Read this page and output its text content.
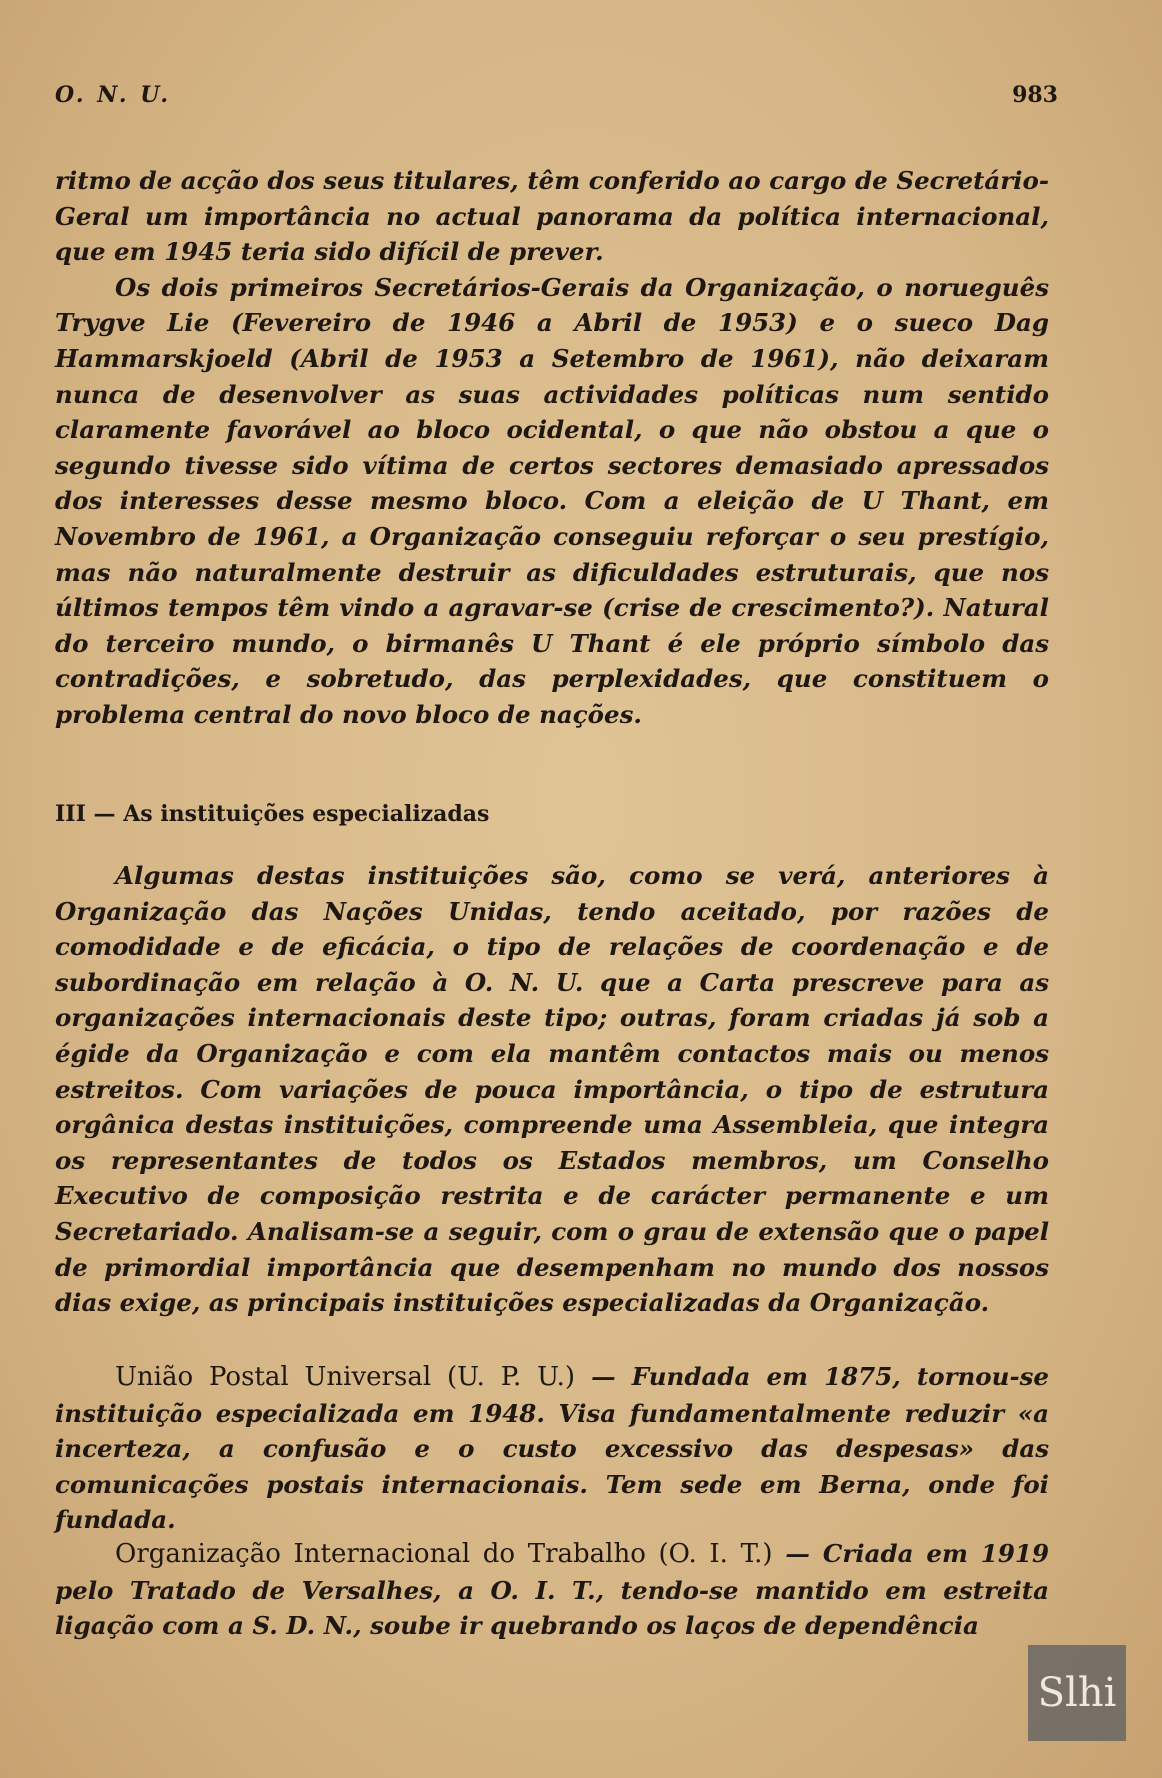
O. N. U.	983

ritmo de acção dos seus titulares, têm conferido ao cargo de Secretário-Geral um importância no actual panorama da política internacional, que em 1945 teria sido difícil de prever.

Os dois primeiros Secretários-Gerais da Organização, o norueguês Trygve Lie (Fevereiro de 1946 a Abril de 1953) e o sueco Dag Hammarskjoeld (Abril de 1953 a Setembro de 1961), não deixaram nunca de desenvolver as suas actividades políticas num sentido claramente favorável ao bloco ocidental, o que não obstou a que o segundo tivesse sido vítima de certos sectores demasiado apressados dos interesses desse mesmo bloco. Com a eleição de U Thant, em Novembro de 1961, a Organização conseguiu reforçar o seu prestígio, mas não naturalmente destruir as dificuldades estruturais, que nos últimos tempos têm vindo a agravar-se (crise de crescimento?). Natural do terceiro mundo, o birmanês U Thant é ele próprio símbolo das contradições, e sobretudo, das perplexidades, que constituem o problema central do novo bloco de nações.

III — As instituições especializadas

Algumas destas instituições são, como se verá, anteriores à Organização das Nações Unidas, tendo aceitado, por razões de comodidade e de eficácia, o tipo de relações de coordenação e de subordinação em relação à O. N. U. que a Carta prescreve para as organizações internacionais deste tipo; outras, foram criadas já sob a égide da Organização e com ela mantêm contactos mais ou menos estreitos. Com variações de pouca importância, o tipo de estrutura orgânica destas instituições, compreende uma Assembleia, que integra os representantes de todos os Estados membros, um Conselho Executivo de composição restrita e de carácter permanente e um Secretariado. Analisam-se a seguir, com o grau de extensão que o papel de primordial importância que desempenham no mundo dos nossos dias exige, as principais instituições especializadas da Organização.

União Postal Universal (U. P. U.) — Fundada em 1875, tornou-se instituição especializada em 1948. Visa fundamentalmente reduzir «a incerteza, a confusão e o custo excessivo das despesas» das comunicações postais internacionais. Tem sede em Berna, onde foi fundada.

Organização Internacional do Trabalho (O. I. T.) — Criada em 1919 pelo Tratado de Versalhes, a O. I. T., tendo-se mantido em estreita ligação com a S. D. N., soube ir quebrando os laços de dependência

Slhi
